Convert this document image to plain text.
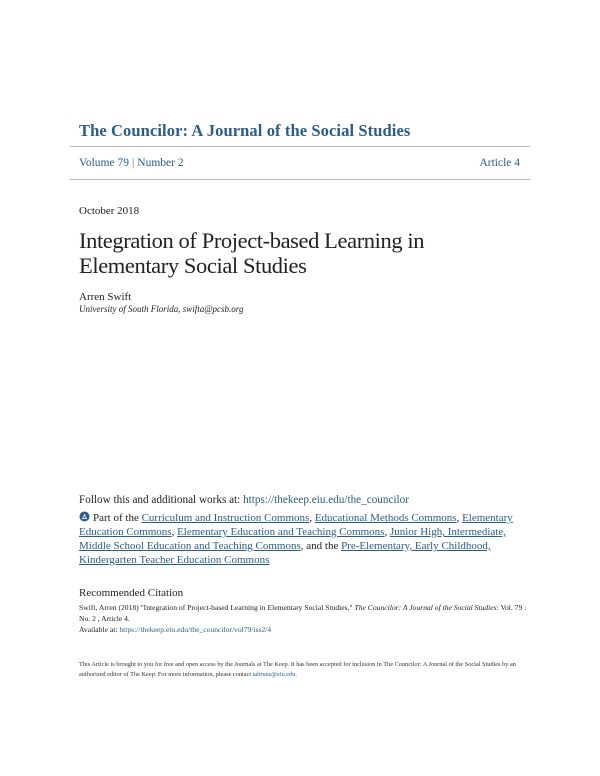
The Councilor: A Journal of the Social Studies
Volume 79 | Number 2	Article 4
October 2018
Integration of Project-based Learning in Elementary Social Studies
Arren Swift
University of South Florida, swifta@pcsb.org
Follow this and additional works at: https://thekeep.eiu.edu/the_councilor
Part of the Curriculum and Instruction Commons, Educational Methods Commons, Elementary Education Commons, Elementary Education and Teaching Commons, Junior High, Intermediate, Middle School Education and Teaching Commons, and the Pre-Elementary, Early Childhood, Kindergarten Teacher Education Commons
Recommended Citation
Swift, Arren (2018) "Integration of Project-based Learning in Elementary Social Studies," The Councilor: A Journal of the Social Studies: Vol. 79 : No. 2 , Article 4.
Available at: https://thekeep.eiu.edu/the_councilor/vol79/iss2/4
This Article is brought to you for free and open access by the Journals at The Keep. It has been accepted for inclusion in The Councilor: A Journal of the Social Studies by an authorized editor of The Keep. For more information, please contact tabruns@eiu.edu.
